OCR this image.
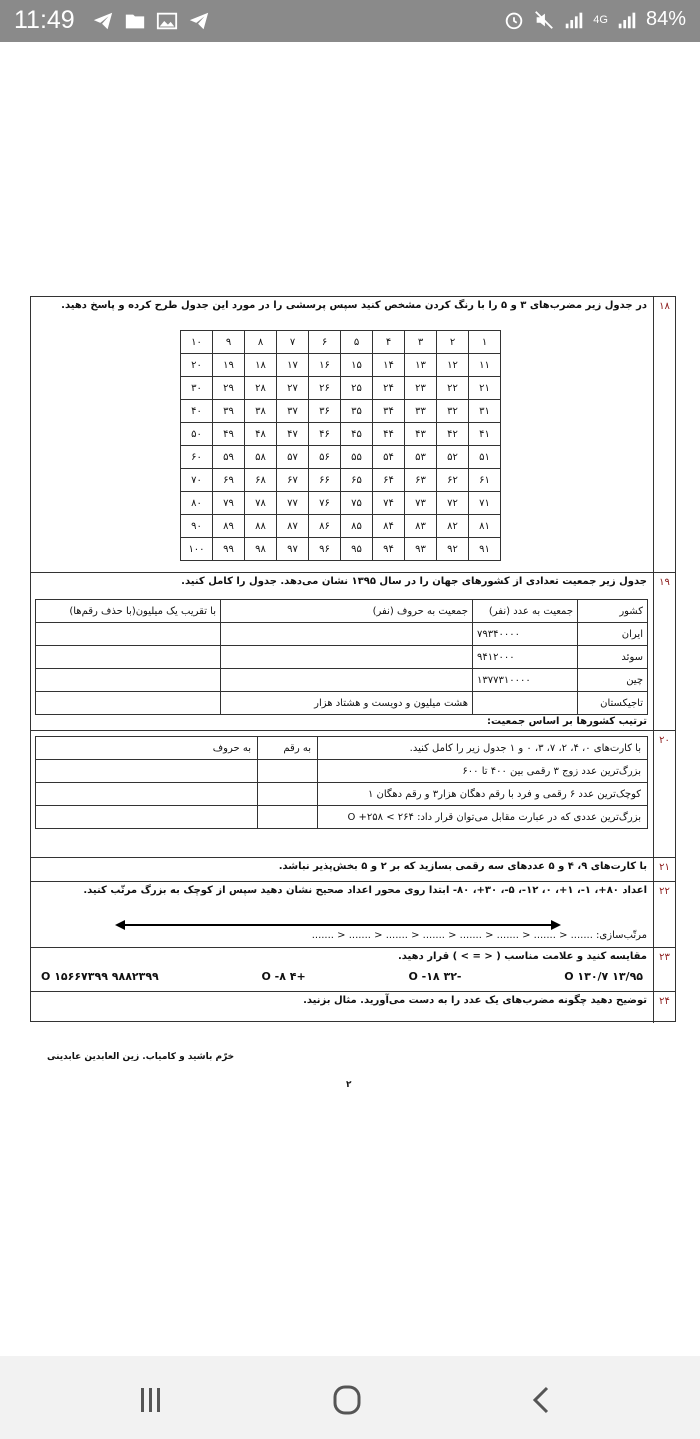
11:49	4G 84%
۱۸
در جدول زیر مضرب‌های ۳ و ۵ را با رنگ کردن مشخص کنید سپس پرسشی را در مورد این جدول طرح کرده و پاسخ دهید.
۱	۲	۳	۴	۵	۶	۷	۸	۹	۱۰
۱۱	۱۲	۱۳	۱۴	۱۵	۱۶	۱۷	۱۸	۱۹	۲۰
۲۱	۲۲	۲۳	۲۴	۲۵	۲۶	۲۷	۲۸	۲۹	۳۰
۳۱	۳۲	۳۳	۳۴	۳۵	۳۶	۳۷	۳۸	۳۹	۴۰
۴۱	۴۲	۴۳	۴۴	۴۵	۴۶	۴۷	۴۸	۴۹	۵۰
۵۱	۵۲	۵۳	۵۴	۵۵	۵۶	۵۷	۵۸	۵۹	۶۰
۶۱	۶۲	۶۳	۶۴	۶۵	۶۶	۶۷	۶۸	۶۹	۷۰
۷۱	۷۲	۷۳	۷۴	۷۵	۷۶	۷۷	۷۸	۷۹	۸۰
۸۱	۸۲	۸۳	۸۴	۸۵	۸۶	۸۷	۸۸	۸۹	۹۰
۹۱	۹۲	۹۳	۹۴	۹۵	۹۶	۹۷	۹۸	۹۹	۱۰۰
۱۹
جدول زیر جمعیت تعدادی از کشورهای جهان را در سال ۱۳۹۵ نشان می‌دهد. جدول را کامل کنید.
کشور	جمعیت به عدد (نفر)	جمعیت به حروف (نفر)	با تقریب یک میلیون(با حذف رقم‌ها)
ایران	۷۹۳۴۰۰۰۰		
سوئد	۹۴۱۲۰۰۰		
چین	۱۳۷۷۳۱۰۰۰۰		
تاجیکستان		هشت میلیون و دویست و هشتاد هزار	
ترتیب کشورها بر اساس جمعیت:
۲۰
با کارت‌های ۰، ۴، ۲، ۷، ۳، ۰ و ۱ جدول زیر را کامل کنید.	به رقم	به حروف
بزرگ‌ترین عدد زوج ۳ رقمی بین ۴۰۰ تا ۶۰۰		
کوچک‌ترین عدد ۶ رقمی و فرد با رقم دهگان هزار۳ و رقم دهگان ۱		
بزرگ‌ترین عددی که در عبارت مقابل می‌توان قرار داد: ۲۶۴ > O +۲۵۸		
۲۱
با کارت‌های ۹، ۴ و ۵ عددهای سه رقمی بسازید که بر ۲ و ۵ بخش‌پذیر نباشد.
۲۲
اعداد ۸۰+، ۱-، ۱+، ۰، ۱۲-، ۵-، ۳۰+، ۸۰- ابتدا روی محور اعداد صحیح نشان دهید سپس از کوچک به بزرگ مرتّب کنید.
مرتّب‌سازی: ....... < ....... < ....... < ....... < ....... < ....... < ....... < .......
۲۳
مقایسه کنید و علامت مناسب ( < = > ) قرار دهید.
۱۳/۹۵ O ۱۳۰/۷
-۳۲ O -۱۸
+۴ O -۸
۹۸۸۲۳۹۹ O ۱۵۶۶۷۳۹۹
۲۴
توضیح دهید چگونه مضرب‌های یک عدد را به دست می‌آورید. مثال بزنید.
خرّم باشید و کامیاب. زین العابدین عابدینی
۲
